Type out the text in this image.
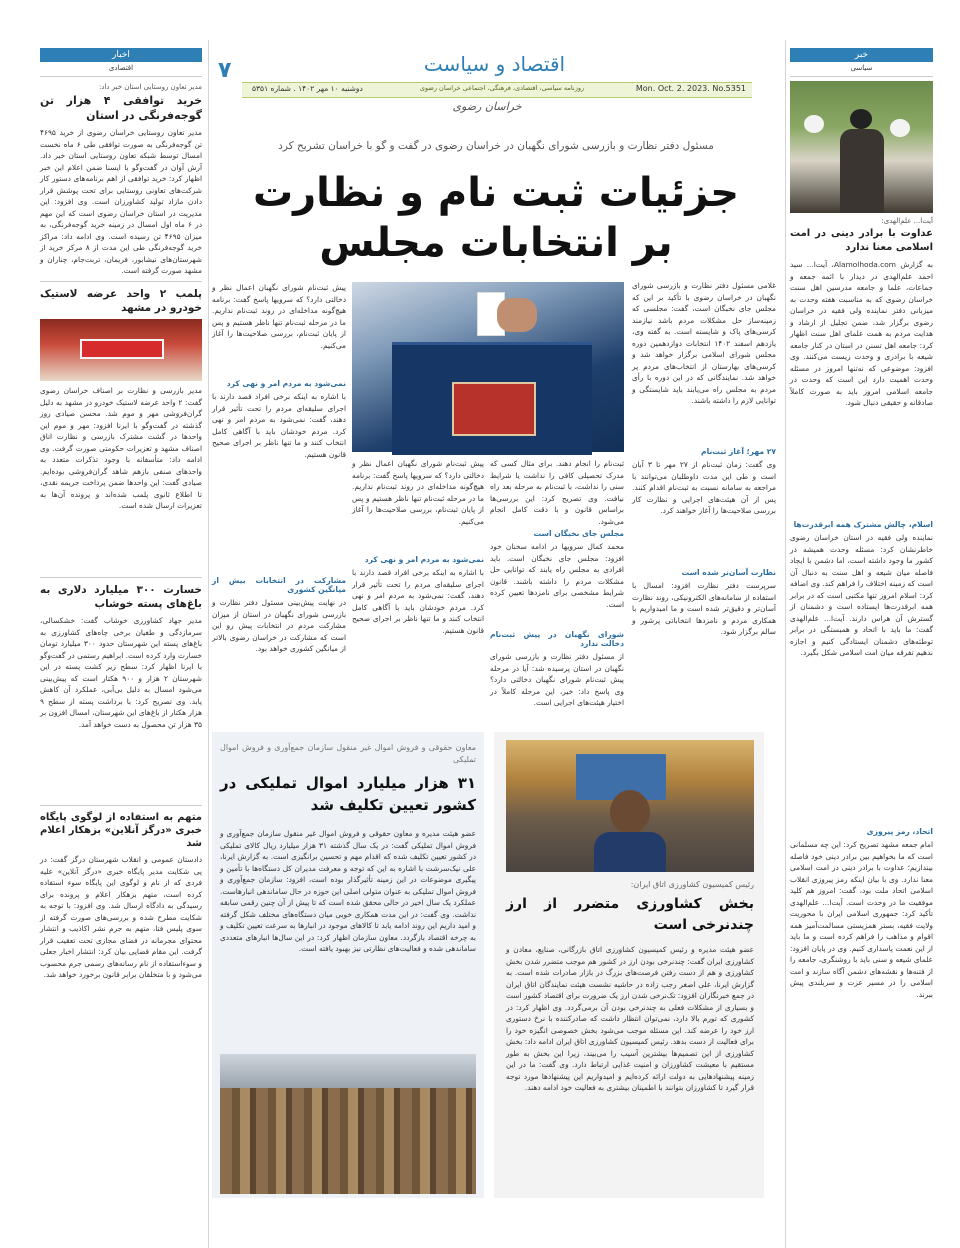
۷	اقتصاد و سیاست
Mon. Oct. 2. 2023. No.5351
روزنامه سیاسی، اقتصادی، فرهنگی، اجتماعی خراسان رضوی
دوشنبه ۱۰ مهر ۱۴۰۲ . شماره ۵۳۵۱
خراسان رضوی
اخبار
اقتصادی
مدیر تعاون روستایی استان خبر داد:
خرید توافقی ۴ هزار تن گوجه‌فرنگی در استان
مدیر تعاون روستایی خراسان رضوی از خرید ۴۶۹۵ تن گوجه‌فرنگی به صورت توافقی طی ۶ ماه نخست امسال توسط شبکه تعاون روستایی استان خبر داد. آرش آوان در گفت‌وگو با ایسنا ضمن اعلام این خبر اظهار کرد: خرید توافقی از اهم برنامه‌های دستور کار شرکت‌های تعاونی روستایی برای تحت پوشش قرار دادن مازاد تولید کشاورزان است. وی افزود: این مدیریت در استان خراسان رضوی است که این مهم در ۶ ماه اول امسال در زمینه خرید گوجه‌فرنگی، به میزان ۴۶۹۵ تن رسیده است. وی ادامه داد: مراکز خرید گوجه‌فرنگی طی این مدت از ۸ مرکز خرید از شهرستان‌های نیشابور، فریمان، تربت‌جام، چناران و مشهد صورت گرفته است.
پلمب ۲ واحد عرضه لاستیک خودرو در مشهد
مدیر بازرسی و نظارت بر اصناف خراسان رضوی گفت: ۲ واحد عرضه لاستیک خودرو در مشهد به دلیل گران‌فروشی مهر و موم شد. محسن صیادی روز گذشته در گفت‌وگو با ایرنا افزود: مهر و موم این واحدها در گشت مشترک بازرسی و نظارت اتاق اصناف مشهد و تعزیرات حکومتی صورت گرفت. وی ادامه داد: متأسفانه با وجود تذکرات متعدد به واحدهای صنفی بازهم شاهد گران‌فروشی بوده‌ایم. صیادی گفت: این واحدها ضمن پرداخت جریمه نقدی، تا اطلاع ثانوی پلمب شده‌اند و پرونده آن‌ها به تعزیرات ارسال شده است.
خسارت ۳۰۰ میلیارد دلاری به باغ‌های پسته خوشاب
مدیر جهاد کشاورزی خوشاب گفت: خشکسالی، سرمازدگی و طغیان برخی چاه‌های کشاورزی به باغ‌های پسته این شهرستان حدود ۳۰۰ میلیارد تومان خسارت وارد کرده است. ابراهیم رستمی در گفت‌وگو با ایرنا اظهار کرد: سطح زیر کشت پسته در این شهرستان ۲ هزار و ۹۰۰ هکتار است که پیش‌بینی می‌شود امسال به دلیل بی‌آبی، عملکرد آن کاهش یابد. وی تصریح کرد: با برداشت پسته از سطح ۹ هزار هکتار از باغ‌های این شهرستان، امسال افزون بر ۳۵ هزار تن محصول به دست خواهد آمد.
متهم به استفاده از لوگوی پایگاه خبری «درگز آنلاین» بزهکار اعلام شد
دادستان عمومی و انقلاب شهرستان درگز گفت: در پی شکایت مدیر پایگاه خبری «درگز آنلاین» علیه فردی که از نام و لوگوی این پایگاه سوء استفاده کرده است، متهم بزهکار اعلام و پرونده برای رسیدگی به دادگاه ارسال شد. وی افزود: با توجه به شکایت مطرح شده و بررسی‌های صورت گرفته از سوی پلیس فتا، متهم به جرم نشر اکاذیب و انتشار محتوای مجرمانه در فضای مجازی تحت تعقیب قرار گرفت. این مقام قضایی بیان کرد: انتشار اخبار جعلی و سوءاستفاده از نام رسانه‌های رسمی جرم محسوب می‌شود و با متخلفان برابر قانون برخورد خواهد شد.
خبر
سیاسی
آیت‌ا... علم‌الهدی:
عداوت با برادر دینی در امت اسلامی معنا ندارد
به گزارش Alamolhoda.com، آیت‌ا... سید احمد علم‌الهدی در دیدار با ائمه جمعه و جماعات، علما و جامعه مدرسین اهل سنت خراسان رضوی که به مناسبت هفته وحدت به میزبانی دفتر نماینده ولی فقیه در خراسان رضوی برگزار شد، ضمن تجلیل از ارشاد و هدایت مردم به همت علمای اهل سنت اظهار کرد: جامعه اهل تسنن در استان در کنار جامعه شیعه با برادری و وحدت زیست می‌کنند. وی افزود: موضوعی که نه‌تنها امروز در مسئله وحدت اهمیت دارد این است که وحدت در جامعه اسلامی امروز باید به صورت کاملاً صادقانه و حقیقی دنبال شود.
اسلام، چالش مشترک همه ابرقدرت‌ها
نماینده ولی فقیه در استان خراسان رضوی خاطرنشان کرد: مسئله وحدت همیشه در کشور ما وجود داشته است، اما دشمن با ایجاد فاصله میان شیعه و اهل سنت به دنبال آن است که زمینه اختلاف را فراهم کند. وی اضافه کرد: اسلام امروز تنها مکتبی است که در برابر همه ابرقدرت‌ها ایستاده است و دشمنان از گسترش آن هراس دارند. آیت‌ا... علم‌الهدی گفت: ما باید با اتحاد و همبستگی در برابر توطئه‌های دشمنان ایستادگی کنیم و اجازه ندهیم تفرقه میان امت اسلامی شکل بگیرد.
اتحاد، رمز پیروزی
امام جمعه مشهد تصریح کرد: این چه مسلمانی است که ما بخواهیم بین برادر دینی خود فاصله بیندازیم؛ عداوت با برادر دینی در امت اسلامی معنا ندارد. وی با بیان اینکه رمز پیروزی انقلاب اسلامی اتحاد ملت بود، گفت: امروز هم کلید موفقیت ما در وحدت است. آیت‌ا... علم‌الهدی تأکید کرد: جمهوری اسلامی ایران با محوریت ولایت فقیه، بستر همزیستی مسالمت‌آمیز همه اقوام و مذاهب را فراهم کرده است و ما باید از این نعمت پاسداری کنیم. وی در پایان افزود: علمای شیعه و سنی باید با روشنگری، جامعه را از فتنه‌ها و نقشه‌های دشمن آگاه سازند و امت اسلامی را در مسیر عزت و سربلندی پیش ببرند.
مسئول دفتر نظارت و بازرسی شورای نگهبان در خراسان رضوی در گفت و گو با خراسان تشریح کرد
جزئیات ثبت نام و نظارت
بر انتخابات مجلس
غلامی مسئول دفتر نظارت و بازرسی شورای نگهبان در خراسان رضوی با تأکید بر این که مجلس جای نخبگان است، گفت: مجلسی که زمینه‌ساز حل مشکلات مردم باشد نیازمند کرسی‌های پاک و شایسته است. به گفته وی، یازدهم اسفند ۱۴۰۲ انتخابات دوازدهمین دوره مجلس شورای اسلامی برگزار خواهد شد و کرسی‌های بهارستان از انتخاب‌های مردم پر خواهد شد. نمایندگانی که در این دوره با رأی مردم به مجلس راه می‌یابند باید شایستگی و توانایی لازم را داشته باشند.
۲۷ مهر؛ آغاز ثبت‌نام
وی گفت: زمان ثبت‌نام از ۲۷ مهر تا ۳ آبان است و طی این مدت داوطلبان می‌توانند با مراجعه به سامانه نسبت به ثبت‌نام اقدام کنند. پس از آن هیئت‌های اجرایی و نظارت کار بررسی صلاحیت‌ها را آغاز خواهند کرد.
نظارت آسان‌تر شده است
سرپرست دفتر نظارت افزود: امسال با استفاده از سامانه‌های الکترونیکی، روند نظارت آسان‌تر و دقیق‌تر شده است و ما امیدواریم با همکاری مردم و نامزدها انتخاباتی پرشور و سالم برگزار شود.
ثبت‌نام را انجام دهند. برای مثال کسی که مدرک تحصیلی کافی را نداشت یا شرایط سنی را نداشت، با ثبت‌نام به مرحله بعد راه نیافت. وی تصریح کرد: این بررسی‌ها براساس قانون و با دقت کامل انجام می‌شود.
مجلس جای نخبگان است
محمد کمال سرویها در ادامه سخنان خود افزود: مجلس جای نخبگان است. باید افرادی به مجلس راه یابند که توانایی حل مشکلات مردم را داشته باشند. قانون شرایط مشخصی برای نامزدها تعیین کرده است.
شورای نگهبان در پیش ثبت‌نام دخالت ندارد
از مسئول دفتر نظارت و بازرسی شورای نگهبان در استان پرسیده شد: آیا در مرحله پیش ثبت‌نام شورای نگهبان دخالتی دارد؟ وی پاسخ داد: خیر، این مرحله کاملاً در اختیار هیئت‌های اجرایی است.
پیش ثبت‌نام شورای نگهبان اعمال نظر و دخالتی دارد؟ که سرویها پاسخ گفت: برنامه هیچ‌گونه مداخله‌ای در روند ثبت‌نام نداریم. ما در مرحله ثبت‌نام تنها ناظر هستیم و پس از پایان ثبت‌نام، بررسی صلاحیت‌ها را آغاز می‌کنیم.
نمی‌شود به مردم امر و نهی کرد
با اشاره به اینکه برخی افراد قصد دارند با اجرای سلیقه‌ای مردم را تحت تأثیر قرار دهند، گفت: نمی‌شود به مردم امر و نهی کرد. مردم خودشان باید با آگاهی کامل انتخاب کنند و ما تنها ناظر بر اجرای صحیح قانون هستیم.
پیش ثبت‌نام شورای نگهبان اعمال نظر و دخالتی دارد؟ که سرویها پاسخ گفت: برنامه هیچ‌گونه مداخله‌ای در روند ثبت‌نام نداریم. ما در مرحله ثبت‌نام تنها ناظر هستیم و پس از پایان ثبت‌نام، بررسی صلاحیت‌ها را آغاز می‌کنیم.
نمی‌شود به مردم امر و نهی کرد
با اشاره به اینکه برخی افراد قصد دارند با اجرای سلیقه‌ای مردم را تحت تأثیر قرار دهند، گفت: نمی‌شود به مردم امر و نهی کرد. مردم خودشان باید با آگاهی کامل انتخاب کنند و ما تنها ناظر بر اجرای صحیح قانون هستیم.
مشارکت در انتخابات بیش از میانگین کشوری
در نهایت پیش‌بینی مسئول دفتر نظارت و بازرسی شورای نگهبان در استان از میزان مشارکت مردم در انتخابات پیش رو این است که مشارکت در خراسان رضوی بالاتر از میانگین کشوری خواهد بود.
معاون حقوقی و فروش اموال غیر منقول سازمان جمع‌آوری و فروش اموال تملیکی
۳۱ هزار میلیارد اموال تملیکی در کشور تعیین تکلیف شد
عضو هیئت مدیره و معاون حقوقی و فروش اموال غیر منقول سازمان جمع‌آوری و فروش اموال تملیکی گفت: در یک سال گذشته ۳۱ هزار میلیارد ریال کالای تملیکی در کشور تعیین تکلیف شده که اقدام مهم و تحسین برانگیزی است. به گزارش ایرنا، علی نیک‌سرشت با اشاره به این که توجه و معرفت مدیران کل دستگاه‌ها با تأمین و پیگیری موضوعات در این زمینه تأثیرگذار بوده است، افزود: سازمان جمع‌آوری و فروش اموال تملیکی به عنوان متولی اصلی این حوزه در حال ساماندهی انبارهاست. عملکرد یک سال اخیر در حالی محقق شده است که تا پیش از آن چنین رقمی سابقه نداشت. وی گفت: در این مدت همکاری خوبی میان دستگاه‌های مختلف شکل گرفته و امید داریم این روند ادامه یابد تا کالاهای موجود در انبارها به سرعت تعیین تکلیف و به چرخه اقتصاد بازگردد. معاون سازمان اظهار کرد: در این سال‌ها انبارهای متعددی ساماندهی شده و فعالیت‌های نظارتی نیز بهبود یافته است.
رئیس کمیسیون کشاورزی اتاق ایران:
بخش کشاورزی متضرر از ارز چندنرخی است
عضو هیئت مدیره و رئیس کمیسیون کشاورزی اتاق بازرگانی، صنایع، معادن و کشاورزی ایران گفت: چندنرخی بودن ارز در کشور هم موجب متضرر شدن بخش کشاورزی و هم از دست رفتن فرصت‌های بزرگ در بازار صادرات شده است. به گزارش ایرنا، علی اصغر رجب زاده در حاشیه نشست هیئت نمایندگان اتاق ایران در جمع خبرنگاران افزود: تک‌نرخی شدن ارز یک ضرورت برای اقتصاد کشور است و بسیاری از مشکلات فعلی به چندنرخی بودن آن برمی‌گردد. وی اظهار کرد: در کشوری که تورم بالا دارد، نمی‌توان انتظار داشت که صادرکننده با نرخ دستوری ارز خود را عرضه کند. این مسئله موجب می‌شود بخش خصوصی انگیزه خود را برای فعالیت از دست بدهد. رئیس کمیسیون کشاورزی اتاق ایران ادامه داد: بخش کشاورزی از این تصمیم‌ها بیشترین آسیب را می‌بیند، زیرا این بخش به طور مستقیم با معیشت کشاورزان و امنیت غذایی ارتباط دارد. وی گفت: ما در این زمینه پیشنهادهایی به دولت ارائه کرده‌ایم و امیدواریم این پیشنهادها مورد توجه قرار گیرد تا کشاورزان بتوانند با اطمینان بیشتری به فعالیت خود ادامه دهند.
